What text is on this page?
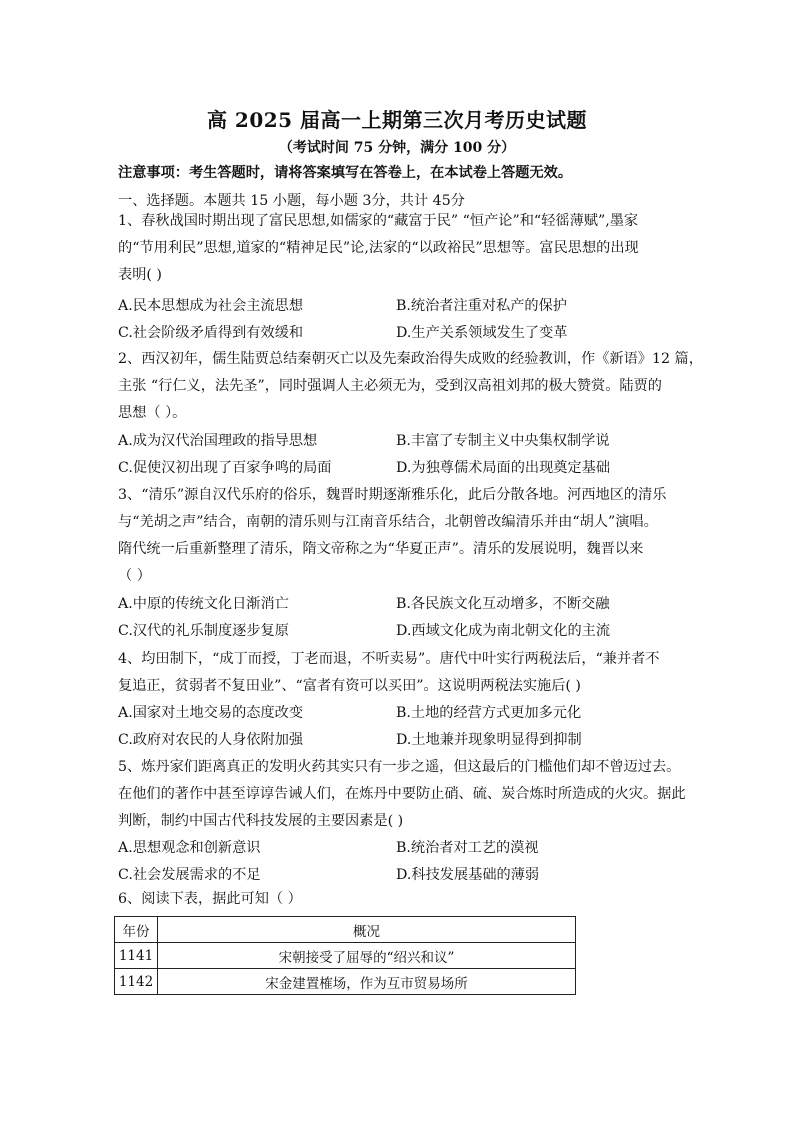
高 2025 届高一上期第三次月考历史试题
（考试时间 75 分钟，满分 100 分）
注意事项：考生答题时，请将答案填写在答卷上，在本试卷上答题无效。
一、选择题。本题共 15 小题，每小题 3分，共计 45分

1、春秋战国时期出现了富民思想,如儒家的“藏富于民” “恒产论”和“轻徭薄赋”,墨家

的“节用利民”思想,道家的“精神足民”论,法家的“以政裕民”思想等。富民思想的出现

表明( )

A.民本思想成为社会主流思想	B.统治者注重对私产的保护
C.社会阶级矛盾得到有效缓和	D.生产关系领域发生了变革

2、西汉初年，儒生陆贾总结秦朝灭亡以及先秦政治得失成败的经验教训，作《新语》12 篇，

主张 “行仁义，法先圣”，同时强调人主必须无为，受到汉高祖刘邦的极大赞赏。陆贾的

思想（ ）。

A.成为汉代治国理政的指导思想	B.丰富了专制主义中央集权制学说
C.促使汉初出现了百家争鸣的局面	D.为独尊儒术局面的出现奠定基础

3、“清乐”源自汉代乐府的俗乐，魏晋时期逐渐雅乐化，此后分散各地。河西地区的清乐

与“羌胡之声”结合，南朝的清乐则与江南音乐结合，北朝曾改编清乐并由“胡人”演唱。

隋代统一后重新整理了清乐，隋文帝称之为“华夏正声”。清乐的发展说明，魏晋以来

（ ）

A.中原的传统文化日渐消亡	B.各民族文化互动增多，不断交融
C.汉代的礼乐制度逐步复原	D.西域文化成为南北朝文化的主流

4、均田制下，“成丁而授，丁老而退，不听卖易”。唐代中叶实行两税法后，“兼并者不

复追正，贫弱者不复田业”、“富者有资可以买田”。这说明两税法实施后( )

A.国家对土地交易的态度改变	B.土地的经营方式更加多元化
C.政府对农民的人身依附加强	D.土地兼并现象明显得到抑制

5、炼丹家们距离真正的发明火药其实只有一步之遥，但这最后的门槛他们却不曾迈过去。

在他们的著作中甚至谆谆告诫人们，在炼丹中要防止硝、硫、炭合炼时所造成的火灾。据此

判断，制约中国古代科技发展的主要因素是( )

A.思想观念和创新意识	B.统治者对工艺的漠视
C.社会发展需求的不足	D.科技发展基础的薄弱

6、阅读下表，据此可知（ ）

年份	概况
1141	宋朝接受了屈辱的“绍兴和议”
1142	宋金建置榷场，作为互市贸易场所
